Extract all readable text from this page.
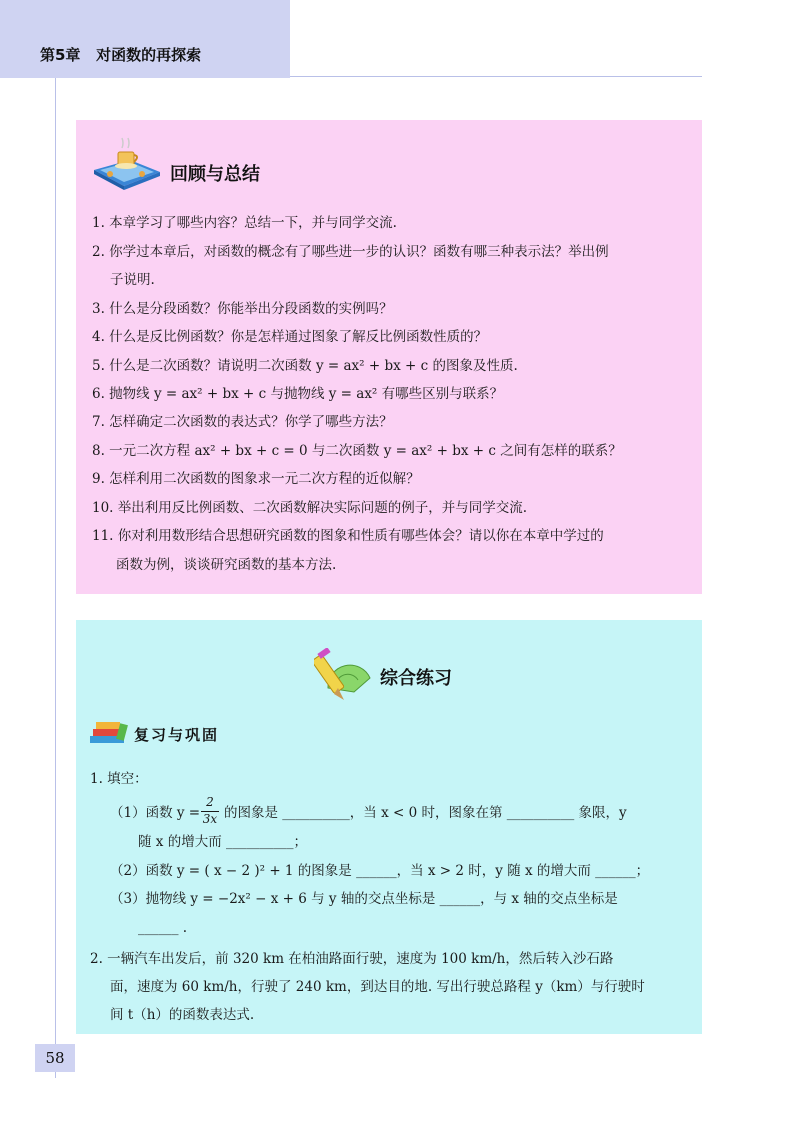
第5章   对函数的再探索
回顾与总结
1. 本章学习了哪些内容？总结一下，并与同学交流.
2. 你学过本章后，对函数的概念有了哪些进一步的认识？函数有哪三种表示法？举出例
子说明.
3. 什么是分段函数？你能举出分段函数的实例吗？
4. 什么是反比例函数？你是怎样通过图象了解反比例函数性质的？
5. 什么是二次函数？请说明二次函数 y = ax² + bx + c 的图象及性质.
6. 抛物线 y = ax² + bx + c 与抛物线 y = ax² 有哪些区别与联系？
7. 怎样确定二次函数的表达式？你学了哪些方法？
8. 一元二次方程 ax² + bx + c = 0 与二次函数 y = ax² + bx + c 之间有怎样的联系？
9. 怎样利用二次函数的图象求一元二次方程的近似解？
10. 举出利用反比例函数、二次函数解决实际问题的例子，并与同学交流.
11. 你对利用数形结合思想研究函数的图象和性质有哪些体会？请以你在本章中学过的
函数为例，谈谈研究函数的基本方法.
综合练习
复习与巩固
1. 填空：
（1）函数 y =
2
3x 的图象是 __________，当 x < 0 时，图象在第 __________ 象限，y
随 x 的增大而 __________；
（2）函数 y = ( x − 2 )² + 1 的图象是 ______，当 x > 2 时，y 随 x 的增大而 ______；
（3）抛物线 y = −2x² − x + 6 与 y 轴的交点坐标是 ______，与 x 轴的交点坐标是
______ .
2. 一辆汽车出发后，前 320 km 在柏油路面行驶，速度为 100 km/h，然后转入沙石路
面，速度为 60 km/h，行驶了 240 km，到达目的地. 写出行驶总路程 y（km）与行驶时
间 t（h）的函数表达式.
58
